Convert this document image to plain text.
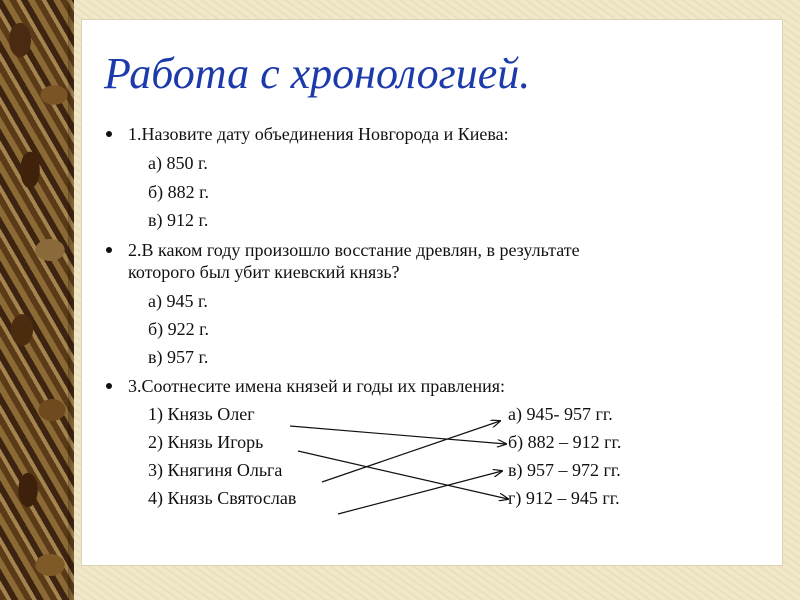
Работа с хронологией.
1.Назовите дату объединения Новгорода и Киева:
а) 850 г.
б) 882 г.
в) 912 г.
2.В каком году произошло восстание древлян, в результате
которого был убит киевский князь?
а) 945 г.
б) 922 г.
в) 957 г.
3.Соотнесите имена князей и годы их правления:
1) Князь Олег
2) Князь Игорь
3) Княгиня Ольга
4) Князь Святослав
а) 945- 957 гг.
б) 882 – 912 гг.
в) 957 – 972 гг.
г) 912 – 945 гг.
